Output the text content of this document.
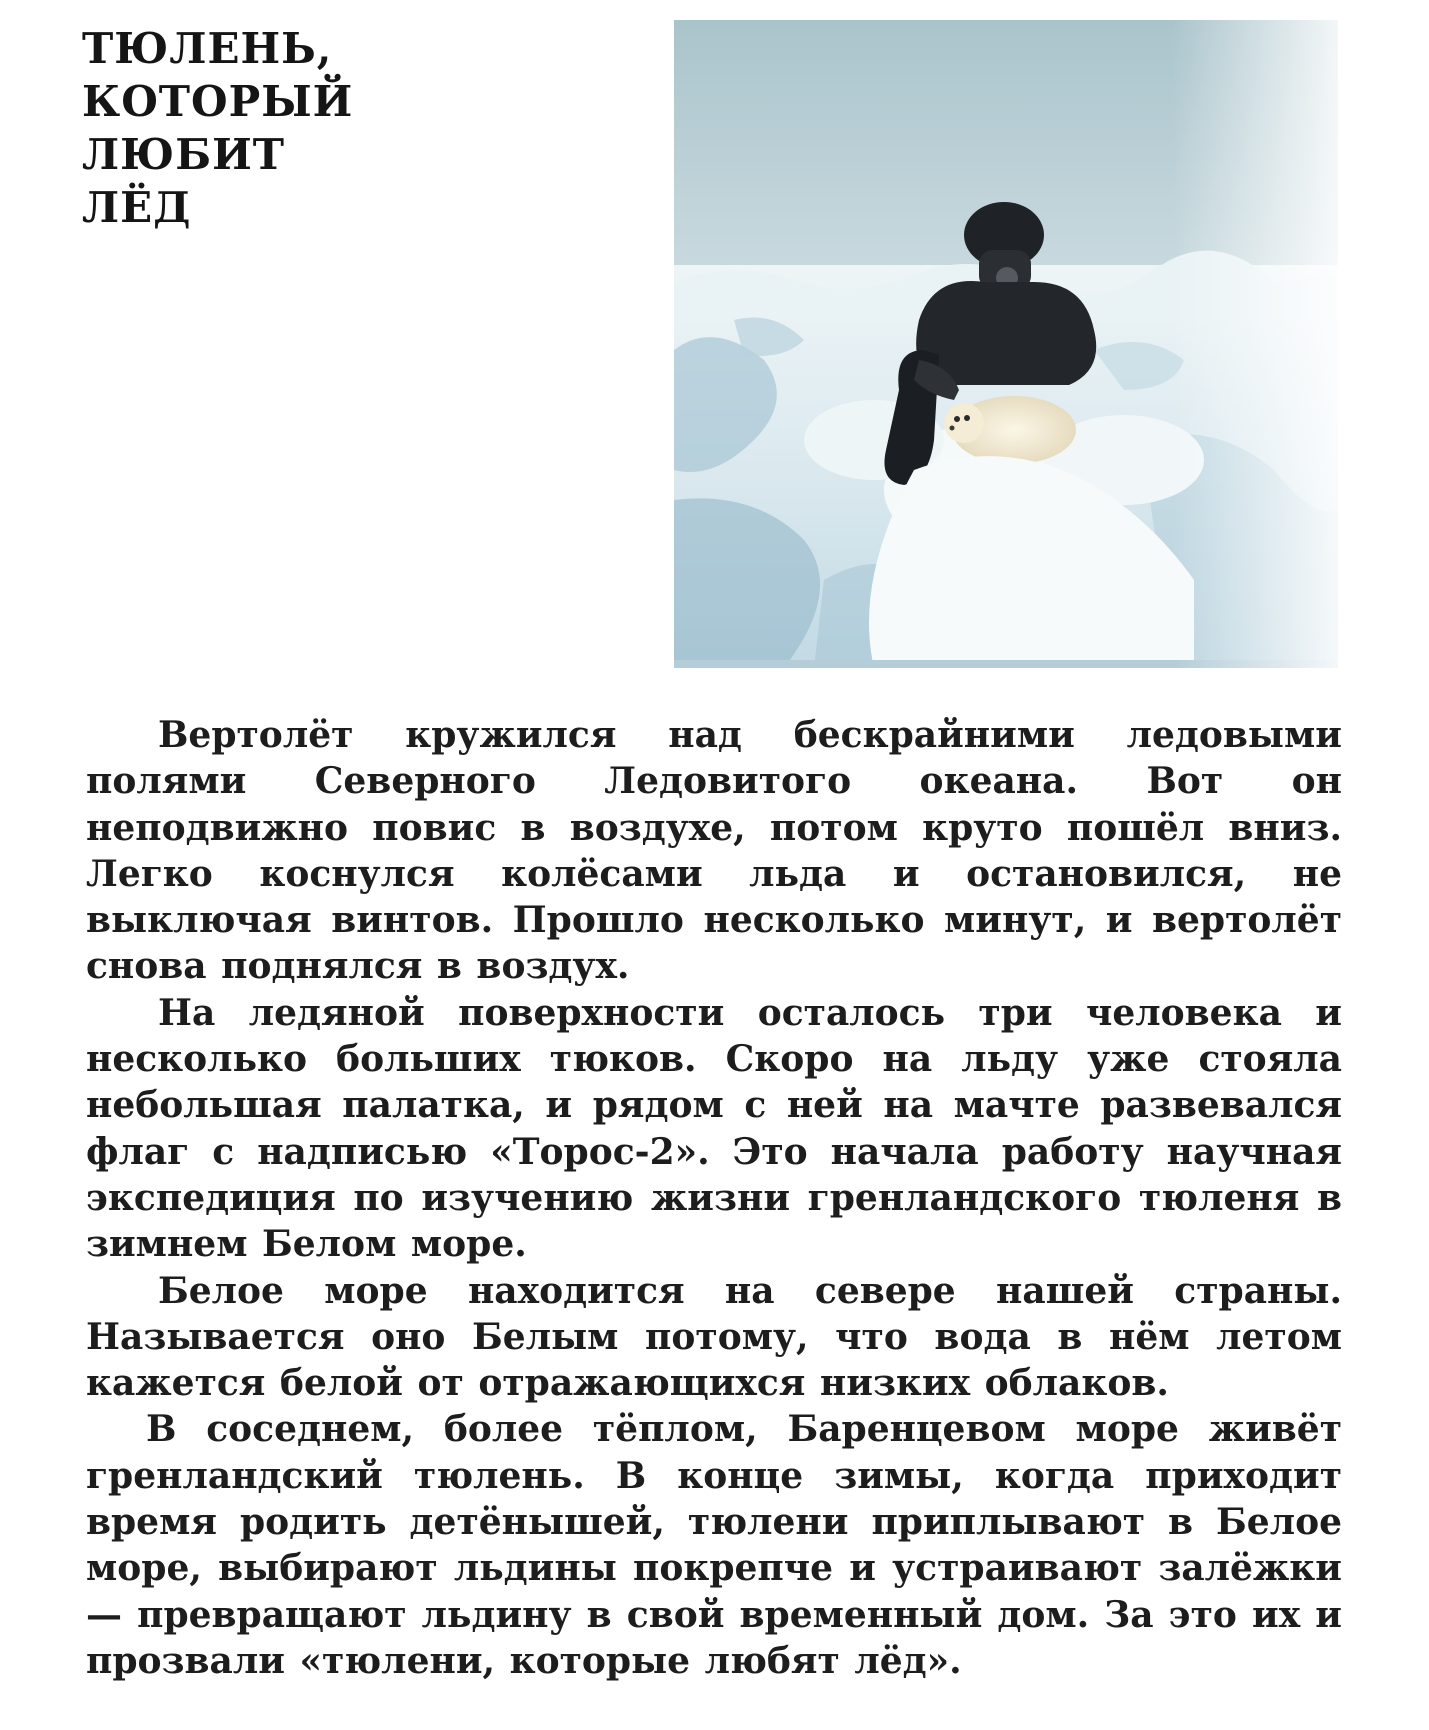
ТЮЛЕНЬ,
КОТОРЫЙ
ЛЮБИТ
ЛЁД

Вертолёт кружился над бескрайними ледовыми полями Северного Ледовитого океана. Вот он неподвижно повис в воздухе, потом круто пошёл вниз. Легко коснулся колёсами льда и остановился, не выключая винтов. Прошло несколько минут, и вертолёт снова поднялся в воздух.

На ледяной поверхности осталось три человека и несколько больших тюков. Скоро на льду уже стояла небольшая палатка, и рядом с ней на мачте развевался флаг с надписью «Торос-2». Это начала работу научная экспедиция по изучению жизни гренландского тюленя в зимнем Белом море.

Белое море находится на севере нашей страны. Называется оно Белым потому, что вода в нём летом кажется белой от отражающихся низких облаков.

В соседнем, более тёплом, Баренцевом море живёт гренландский тюлень. В конце зимы, когда приходит время родить детёнышей, тюлени приплывают в Белое море, выбирают льдины покрепче и устраивают залёжки — превращают льдину в свой временный дом. За это их и прозвали «тюлени, которые любят лёд».
